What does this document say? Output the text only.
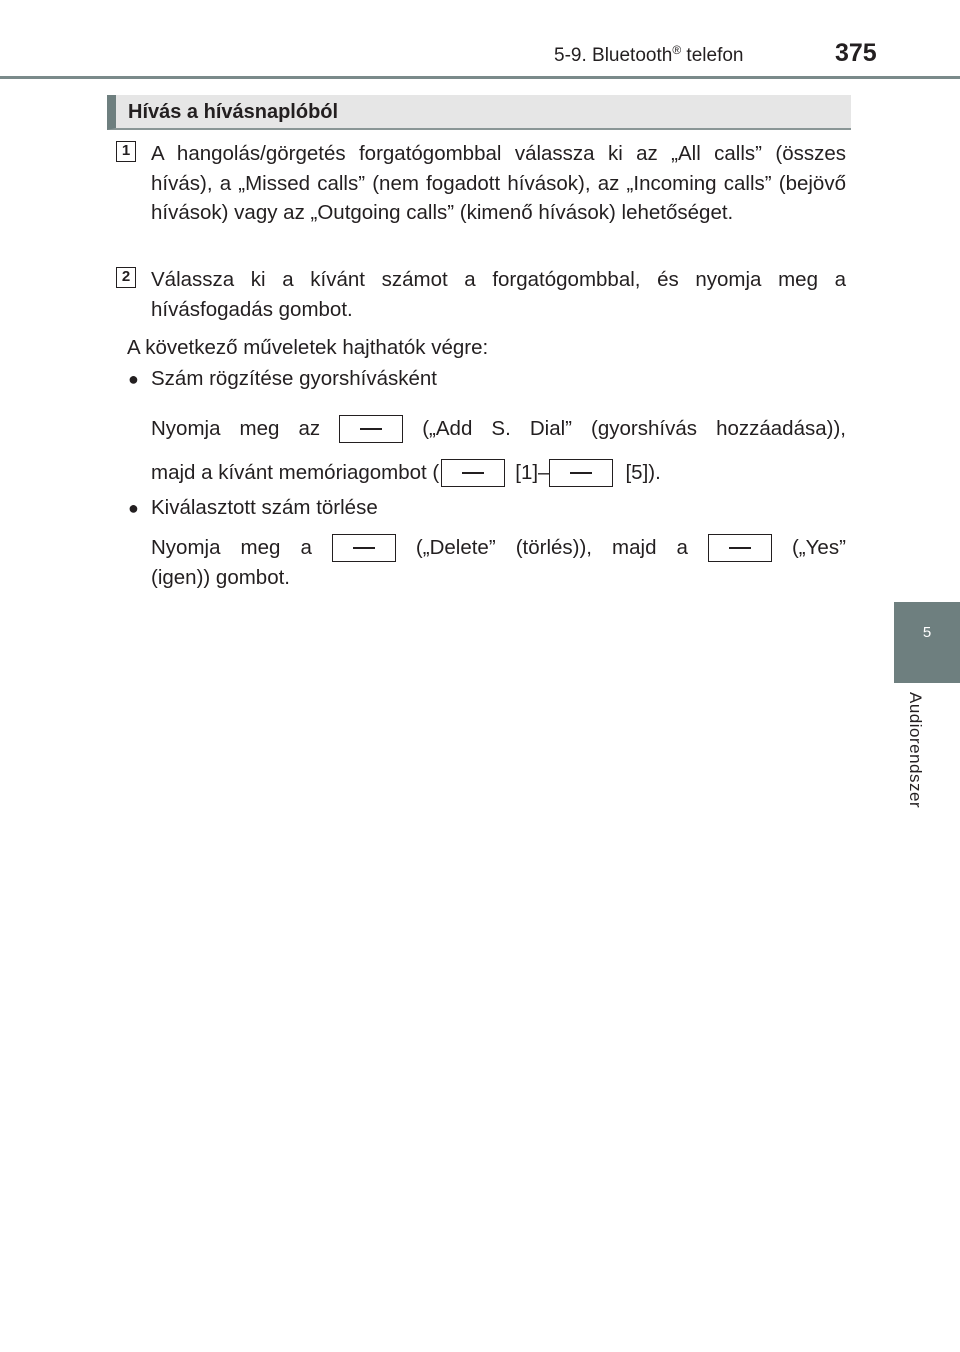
5-9. Bluetooth® telefon	375
5
Audiorendszer
Hívás a hívásnaplóból
1 A hangolás/görgetés forgatógombbal válassza ki az „All calls” (összes hívás), a „Missed calls” (nem fogadott hívások), az „Incoming calls” (bejövő hívások) vagy az „Outgoing calls” (kimenő hívások) lehetőséget.
2 Válassza ki a kívánt számot a forgatógombbal, és nyomja meg a hívásfogadás gombot.
A következő műveletek hajthatók végre:
● Szám rögzítése gyorshívásként
Nyomja meg az	(„Add S. Dial” (gyorshívás hozzáadása)),
majd a kívánt memóriagombot (	[1]–	[5]).
● Kiválasztott szám törlése
Nyomja meg a	(„Delete” (törlés)), majd a	(„Yes”
(igen)) gombot.
